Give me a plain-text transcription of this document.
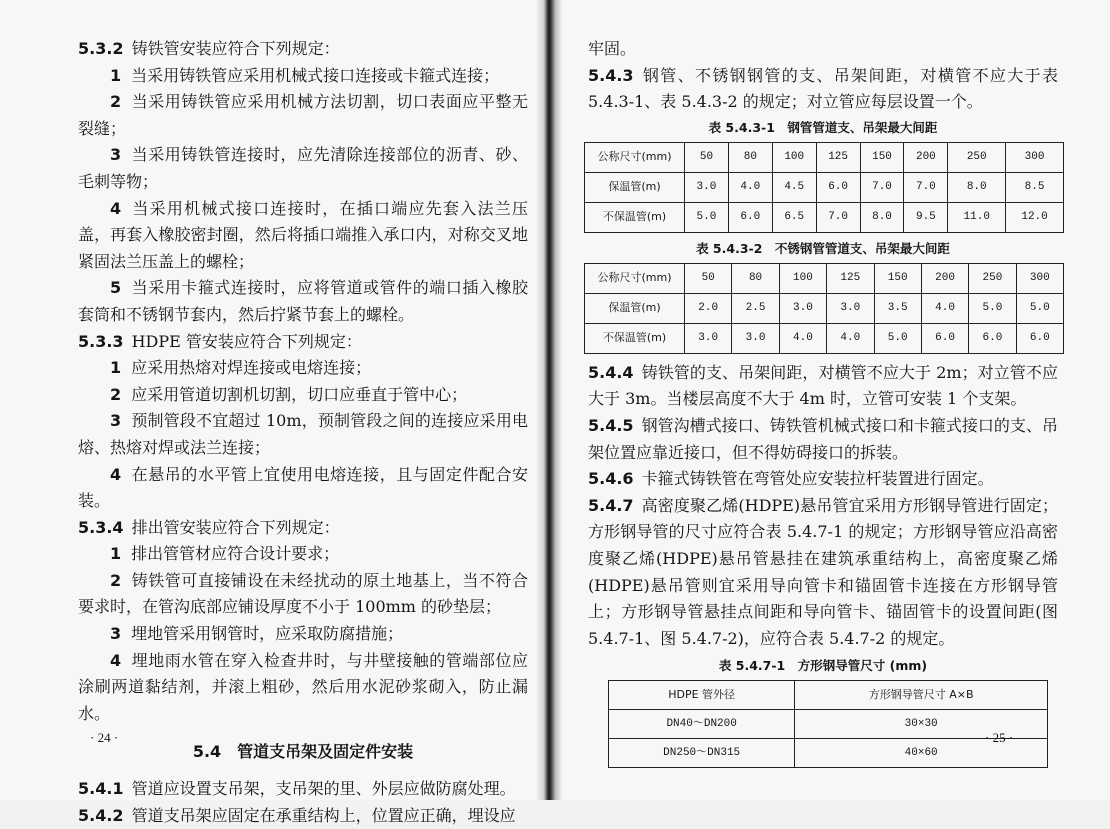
5.3.2 铸铁管安装应符合下列规定：

1 当采用铸铁管应采用机械式接口连接或卡箍式连接；

2 当采用铸铁管应采用机械方法切割，切口表面应平整无裂缝；

3 当采用铸铁管连接时，应先清除连接部位的沥青、砂、毛刺等物；

4 当采用机械式接口连接时，在插口端应先套入法兰压盖，再套入橡胶密封圈，然后将插口端推入承口内，对称交叉地紧固法兰压盖上的螺栓；

5 当采用卡箍式连接时，应将管道或管件的端口插入橡胶套筒和不锈钢节套内，然后拧紧节套上的螺栓。

5.3.3 HDPE 管安装应符合下列规定：

1 应采用热熔对焊连接或电熔连接；

2 应采用管道切割机切割，切口应垂直于管中心；

3 预制管段不宜超过 10m，预制管段之间的连接应采用电熔、热熔对焊或法兰连接；

4 在悬吊的水平管上宜使用电熔连接，且与固定件配合安装。

5.3.4 排出管安装应符合下列规定：

1 排出管管材应符合设计要求；

2 铸铁管可直接铺设在未经扰动的原土地基上，当不符合要求时，在管沟底部应铺设厚度不小于 100mm 的砂垫层；

3 埋地管采用钢管时，应采取防腐措施；

4 埋地雨水管在穿入检查井时，与井壁接触的管端部位应涂刷两道黏结剂，并滚上粗砂，然后用水泥砂浆砌入，防止漏水。

5.4 管道支吊架及固定件安装

5.4.1 管道应设置支吊架，支吊架的里、外层应做防腐处理。

5.4.2 管道支吊架应固定在承重结构上，位置应正确，埋设应

· 24 ·

牢固。

5.4.3 钢管、不锈钢钢管的支、吊架间距，对横管不应大于表 5.4.3-1、表 5.4.3-2 的规定；对立管应每层设置一个。

表 5.4.3-1　钢管管道支、吊架最大间距
公称尺寸(mm)	50	80	100	125	150	200	250	300
保温管(m)	3.0	4.0	4.5	6.0	7.0	7.0	8.0	8.5
不保温管(m)	5.0	6.0	6.5	7.0	8.0	9.5	11.0	12.0
表 5.4.3-2　不锈钢管管道支、吊架最大间距
公称尺寸(mm)	50	80	100	125	150	200	250	300
保温管(m)	2.0	2.5	3.0	3.0	3.5	4.0	5.0	5.0
不保温管(m)	3.0	3.0	4.0	4.0	5.0	6.0	6.0	6.0

5.4.4 铸铁管的支、吊架间距，对横管不应大于 2m；对立管不应大于 3m。当楼层高度不大于 4m 时，立管可安装 1 个支架。

5.4.5 钢管沟槽式接口、铸铁管机械式接口和卡箍式接口的支、吊架位置应靠近接口，但不得妨碍接口的拆装。

5.4.6 卡箍式铸铁管在弯管处应安装拉杆装置进行固定。

5.4.7 高密度聚乙烯(HDPE)悬吊管宜采用方形钢导管进行固定；方形钢导管的尺寸应符合表 5.4.7-1 的规定；方形钢导管应沿高密度聚乙烯(HDPE)悬吊管悬挂在建筑承重结构上，高密度聚乙烯(HDPE)悬吊管则宜采用导向管卡和锚固管卡连接在方形钢导管上；方形钢导管悬挂点间距和导向管卡、锚固管卡的设置间距(图 5.4.7-1、图 5.4.7-2)，应符合表 5.4.7-2 的规定。

表 5.4.7-1　方形钢导管尺寸 (mm)
HDPE 管外径	方形钢导管尺寸 A×B
DN40～DN200	30×30
DN250～DN315	40×60
· 25 ·
